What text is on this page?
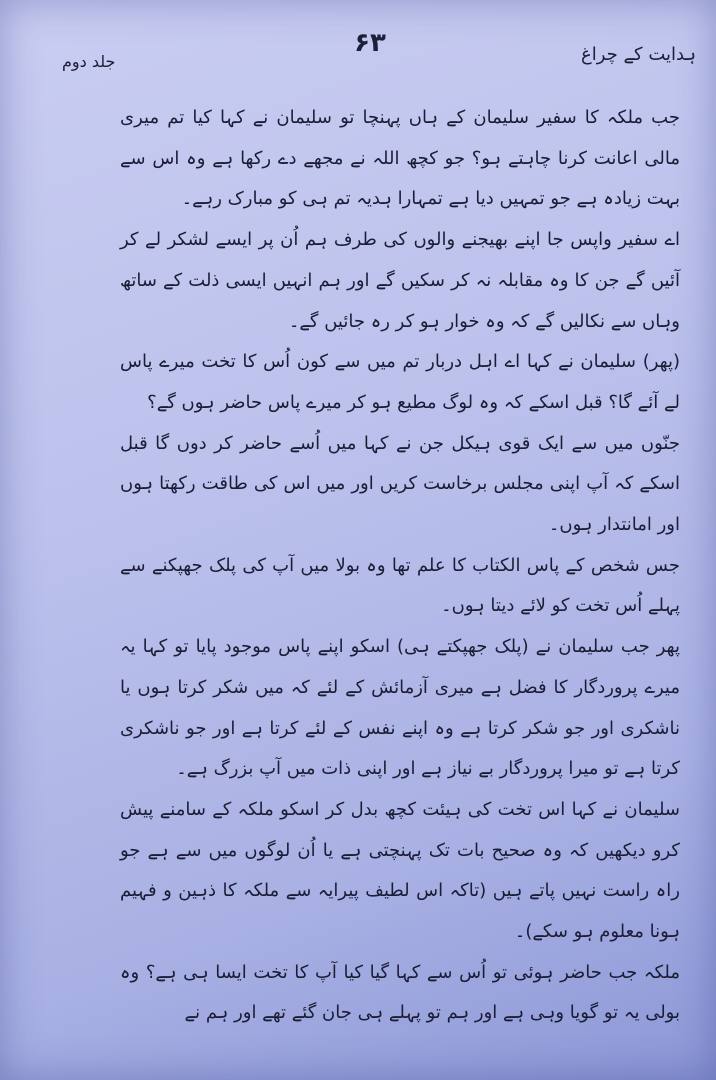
۶۳	ہدایت کے چراغ
جلد دوم

جب ملکہ کا سفیر سلیمان کے ہاں پہنچا تو سلیمان نے کہا کیا تم میری مالی اعانت کرنا چاہتے ہو؟ جو کچھ اللہ نے مجھے دے رکھا ہے وہ اس سے بہت زیادہ ہے جو تمہیں دیا ہے تمہارا ہدیہ تم ہی کو مبارک رہے۔

اے سفیر واپس جا اپنے بھیجنے والوں کی طرف ہم اُن پر ایسے لشکر لے کر آئیں گے جن کا وہ مقابلہ نہ کر سکیں گے اور ہم انہیں ایسی ذلت کے ساتھ وہاں سے نکالیں گے کہ وہ خوار ہو کر رہ جائیں گے۔

(پھر) سلیمان نے کہا اے اہل دربار تم میں سے کون اُس کا تخت میرے پاس لے آئے گا؟ قبل اسکے کہ وہ لوگ مطیع ہو کر میرے پاس حاضر ہوں گے؟

جنّوں میں سے ایک قوی ہیکل جن نے کہا میں اُسے حاضر کر دوں گا قبل اسکے کہ آپ اپنی مجلس برخاست کریں اور میں اس کی طاقت رکھتا ہوں اور امانتدار ہوں۔

جس شخص کے پاس الکتاب کا علم تھا وہ بولا میں آپ کی پلک جھپکنے سے پہلے اُس تخت کو لائے دیتا ہوں۔

پھر جب سلیمان نے (پلک جھپکتے ہی) اسکو اپنے پاس موجود پایا تو کہا یہ میرے پروردگار کا فضل ہے میری آزمائش کے لئے کہ میں شکر کرتا ہوں یا ناشکری اور جو شکر کرتا ہے وہ اپنے نفس کے لئے کرتا ہے اور جو ناشکری کرتا ہے تو میرا پروردگار بے نیاز ہے اور اپنی ذات میں آپ بزرگ ہے۔

سلیمان نے کہا اس تخت کی ہیئت کچھ بدل کر اسکو ملکہ کے سامنے پیش کرو دیکھیں کہ وہ صحیح بات تک پہنچتی ہے یا اُن لوگوں میں سے ہے جو راہ راست نہیں پاتے ہیں (تاکہ اس لطیف پیرایہ سے ملکہ کا ذہین و فہیم ہونا معلوم ہو سکے)۔

ملکہ جب حاضر ہوئی تو اُس سے کہا گیا کیا آپ کا تخت ایسا ہی ہے؟ وہ بولی یہ تو گویا وہی ہے اور ہم تو پہلے ہی جان گئے تھے اور ہم نے
